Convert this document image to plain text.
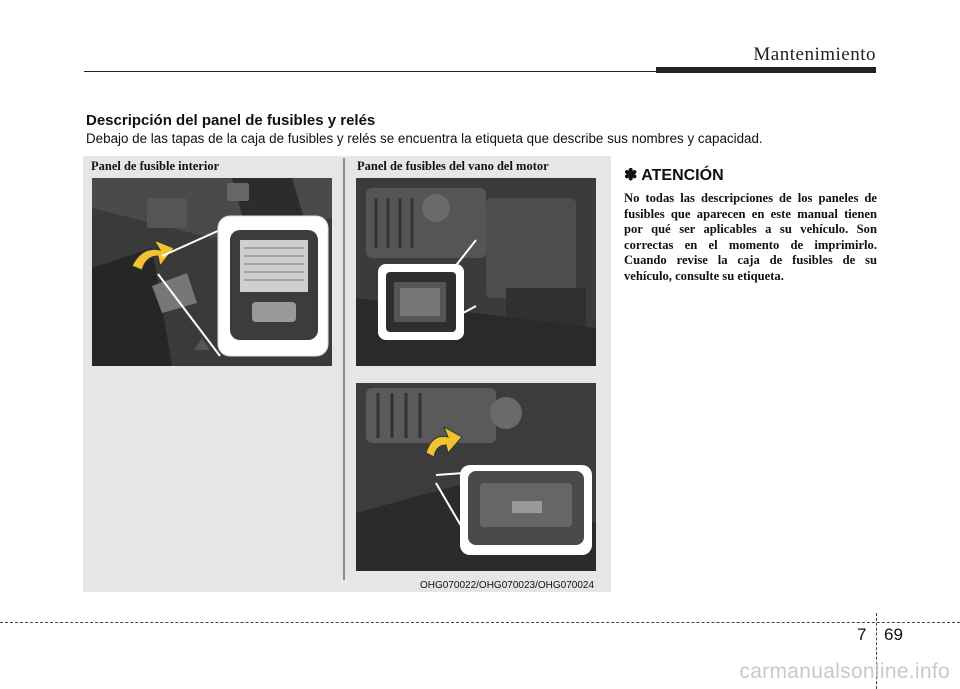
Mantenimiento
Descripción del panel de fusibles y relés
Debajo de las tapas de la caja de fusibles y relés se encuentra la etiqueta que describe sus nombres y capacidad.
Panel de fusible interior	Panel de fusibles del vano del motor
OHG070022/OHG070023/OHG070024
✽ ATENCIÓN
No todas las descripciones de los paneles de fusibles que aparecen en este manual tienen por qué ser aplicables a su vehículo. Son correctas en el momento de imprimirlo. Cuando revise la caja de fusibles de su vehículo, consulte su etiqueta.
7 69
carmanualsonline.info
